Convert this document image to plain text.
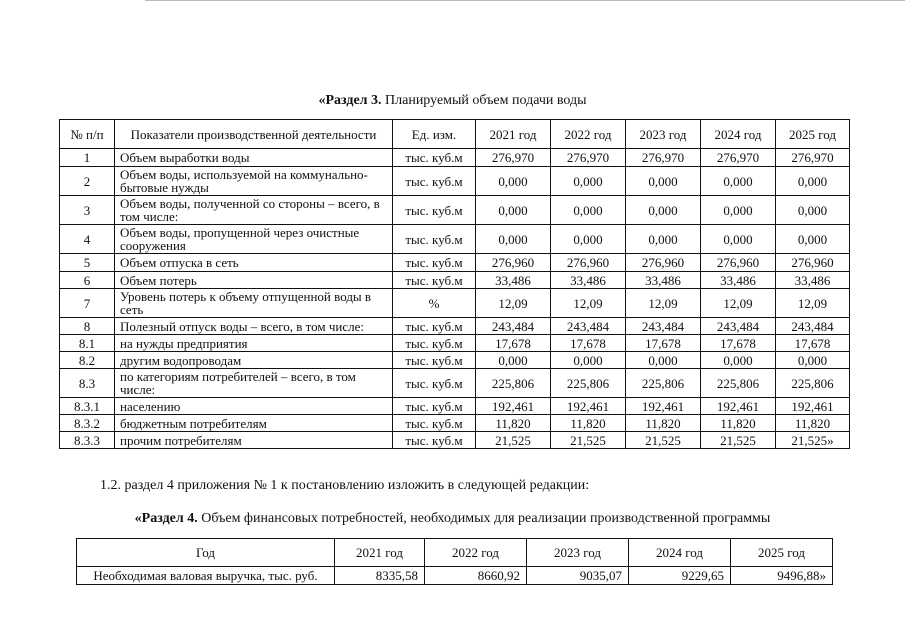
«Раздел 3. Планируемый объем подачи воды
№ п/п	Показатели производственной деятельности	Ед. изм.	2021 год	2022 год	2023 год	2024 год	2025 год
1	Объем выработки воды	тыс. куб.м	276,970	276,970	276,970	276,970	276,970
2	Объем воды, используемой на коммунально-бытовые нужды	тыс. куб.м	0,000	0,000	0,000	0,000	0,000
3	Объем воды, полученной со стороны – всего, в том числе:	тыс. куб.м	0,000	0,000	0,000	0,000	0,000
4	Объем воды, пропущенной через очистные сооружения	тыс. куб.м	0,000	0,000	0,000	0,000	0,000
5	Объем отпуска в сеть	тыс. куб.м	276,960	276,960	276,960	276,960	276,960
6	Объем потерь	тыс. куб.м	33,486	33,486	33,486	33,486	33,486
7	Уровень потерь к объему отпущенной воды в сеть	%	12,09	12,09	12,09	12,09	12,09
8	Полезный отпуск воды – всего, в том числе:	тыс. куб.м	243,484	243,484	243,484	243,484	243,484
8.1	на нужды предприятия	тыс. куб.м	17,678	17,678	17,678	17,678	17,678
8.2	другим водопроводам	тыс. куб.м	0,000	0,000	0,000	0,000	0,000
8.3	по категориям потребителей – всего, в том числе:	тыс. куб.м	225,806	225,806	225,806	225,806	225,806
8.3.1	населению	тыс. куб.м	192,461	192,461	192,461	192,461	192,461
8.3.2	бюджетным потребителям	тыс. куб.м	11,820	11,820	11,820	11,820	11,820
8.3.3	прочим потребителям	тыс. куб.м	21,525	21,525	21,525	21,525	21,525»
1.2. раздел 4 приложения № 1 к постановлению изложить в следующей редакции:
«Раздел 4. Объем финансовых потребностей, необходимых для реализации производственной программы
Год	2021 год	2022 год	2023 год	2024 год	2025 год
Необходимая валовая выручка, тыс. руб.	8335,58	8660,92	9035,07	9229,65	9496,88»
